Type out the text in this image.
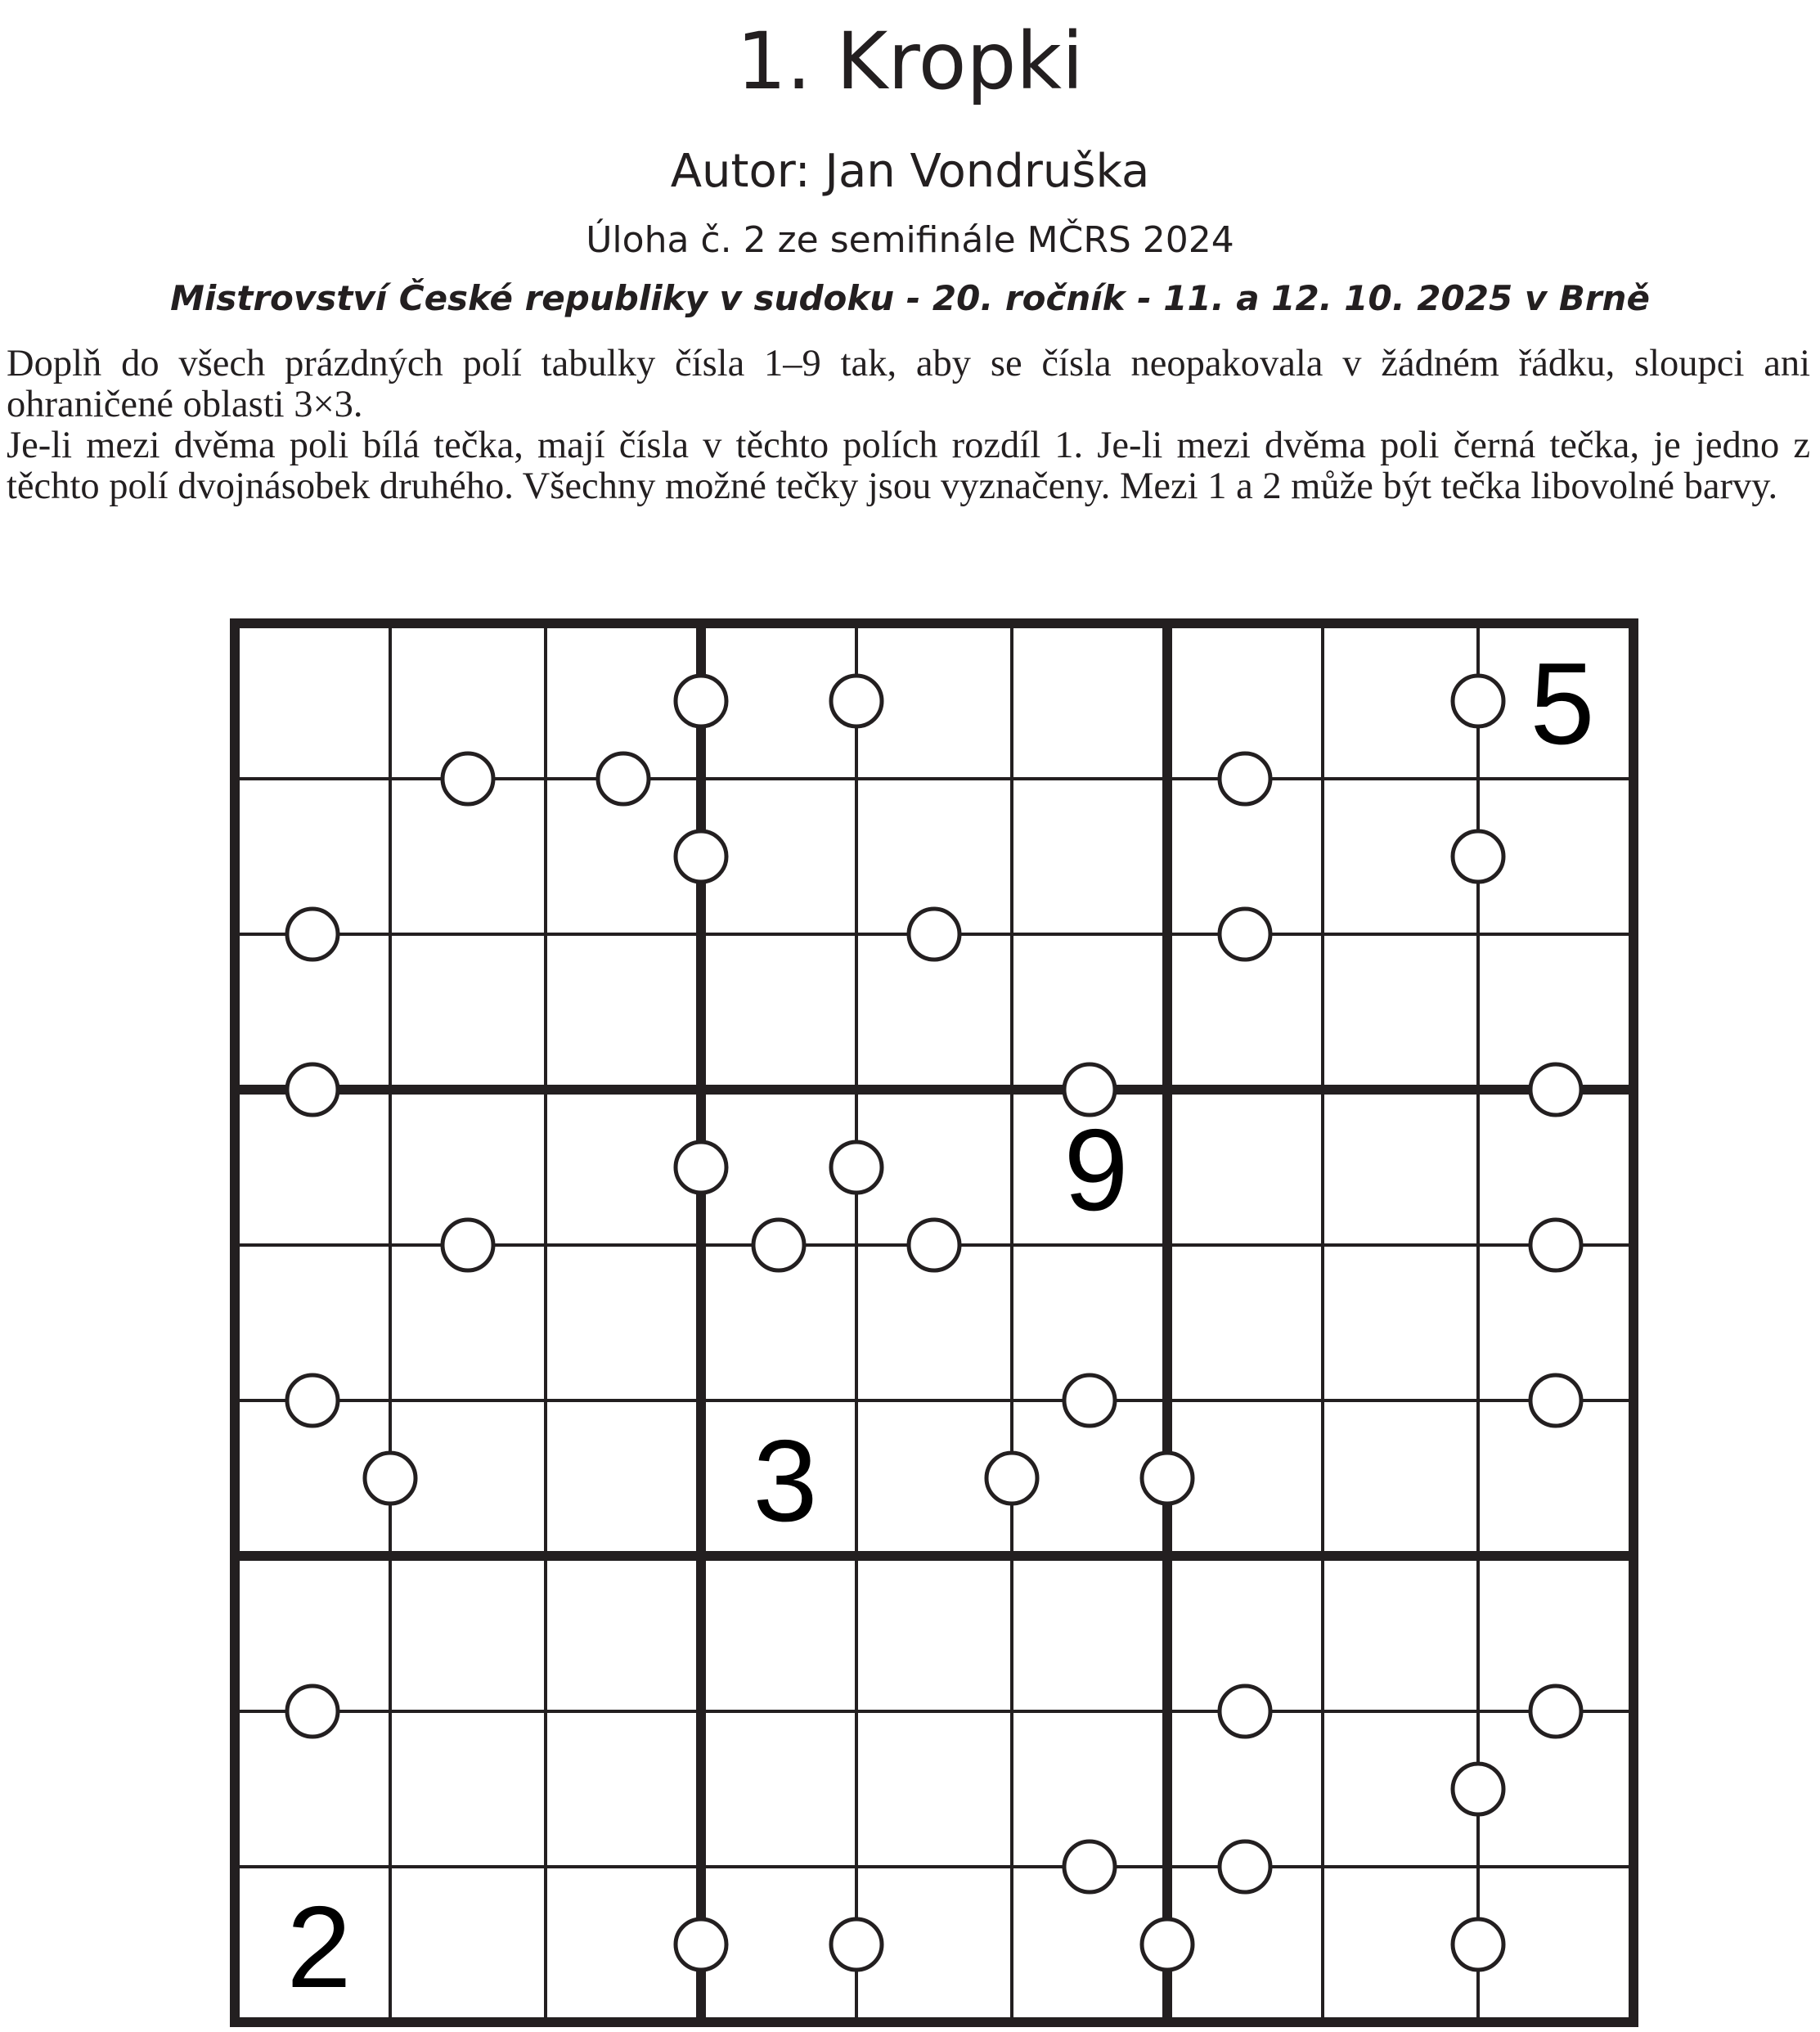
1. Kropki
Autor: Jan Vondruška
Úloha č. 2 ze semifinále MČRS 2024
Mistrovství České republiky v sudoku - 20. ročník - 11. a 12. 10. 2025 v Brně

Doplň do všech prázdných polí tabulky čísla 1–9 tak, aby se čísla neopakovala v žádném řádku, sloupci ani ohraničené oblasti 3×3.

Je-li mezi dvěma poli bílá tečka, mají čísla v těchto polích rozdíl 1. Je-li mezi dvěma poli černá tečka, je jedno z těchto polí dvojnásobek druhého. Všechny možné tečky jsou vyznačeny. Mezi 1 a 2 může být tečka libovolné barvy.

5
9
3
2
